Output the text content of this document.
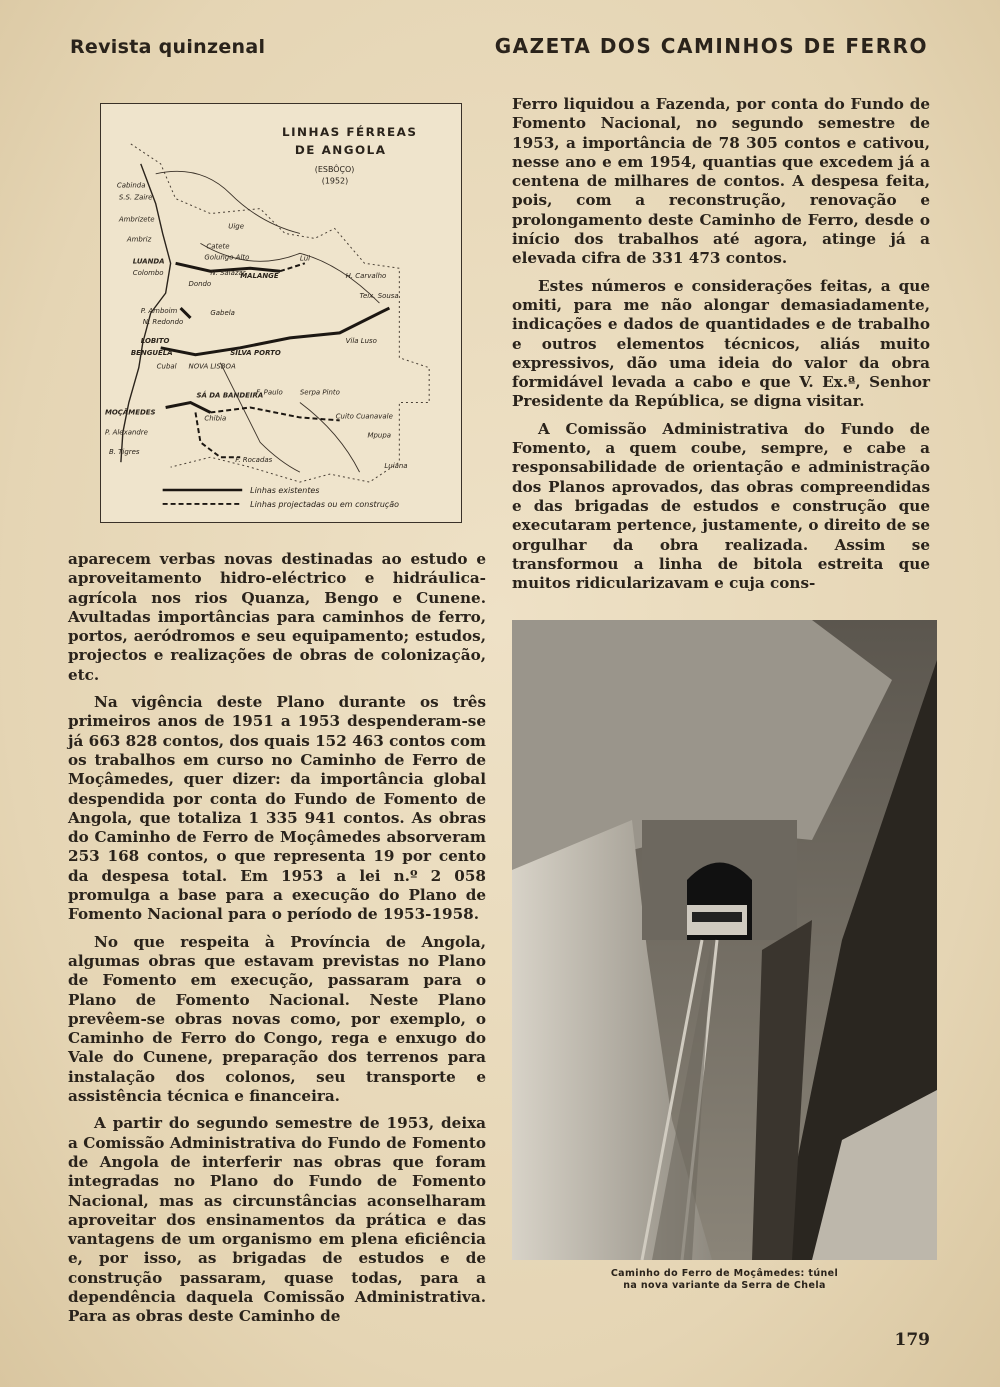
Revista quinzenal	GAZETA DOS CAMINHOS DE FERRO
LINHAS FÉRREAS
DE ANGOLA
(ESBÔÇO)
(1952)
Cabinda
S.S. Zaire
Ambrizete
Ambriz
Uige
Catete
Golungo Alto
LUANDA
Colombo	MALANGE
N. Salazar
Dondo
Lui
H. Carvalho
Teix. Sousa
P. Amboim
N. Redondo
Gabela
LOBITO
BENGUELA
Cubal
SILVA PORTO
NOVA LISBOA
Vila Luso
SÁ DA BANDEIRA
MOÇÂMEDES
P. Alexandre
B. Tigres
Chibia
F. Paulo Serpa Pinto
Cuito Cuanavale
Mpupa
Luiana
F. Rocadas
Linhas existentes
Linhas projectadas ou em construção

aparecem verbas novas destinadas ao estudo e aproveitamento hidro-eléctrico e hidráulica-agrícola nos rios Quanza, Bengo e Cunene. Avultadas importâncias para caminhos de ferro, portos, aeródromos e seu equipamento; estudos, projectos e realizações de obras de colonização, etc.

Na vigência deste Plano durante os três primeiros anos de 1951 a 1953 despenderam-se já 663 828 contos, dos quais 152 463 contos com os trabalhos em curso no Caminho de Ferro de Moçâmedes, quer dizer: da importância global despendida por conta do Fundo de Fomento de Angola, que totaliza 1 335 941 contos. As obras do Caminho de Ferro de Moçâmedes absorveram 253 168 contos, o que representa 19 por cento da despesa total. Em 1953 a lei n.º 2 058 promulga a base para a execução do Plano de Fomento Nacional para o período de 1953-1958.

No que respeita à Província de Angola, algumas obras que estavam previstas no Plano de Fomento em execução, passaram para o Plano de Fomento Nacional. Neste Plano prevêem-se obras novas como, por exemplo, o Caminho de Ferro do Congo, rega e enxugo do Vale do Cunene, preparação dos terrenos para instalação dos colonos, seu transporte e assistência técnica e financeira.

A partir do segundo semestre de 1953, deixa a Comissão Administrativa do Fundo de Fomento de Angola de interferir nas obras que foram integradas no Plano do Fundo de Fomento Nacional, mas as circunstâncias aconselharam aproveitar dos ensinamentos da prática e das vantagens de um organismo em plena eficiência e, por isso, as brigadas de estudos e de construção passaram, quase todas, para a dependência daquela Comissão Administrativa. Para as obras deste Caminho de

Ferro liquidou a Fazenda, por conta do Fundo de Fomento Nacional, no segundo semestre de 1953, a importância de 78 305 contos e cativou, nesse ano e em 1954, quantias que excedem já a centena de milhares de contos. A despesa feita, pois, com a reconstrução, renovação e prolongamento deste Caminho de Ferro, desde o início dos trabalhos até agora, atinge já a elevada cifra de 331 473 contos.

Estes números e considerações feitas, a que omiti, para me não alongar demasiadamente, indicações e dados de quantidades e de trabalho e outros elementos técnicos, aliás muito expressivos, dão uma ideia do valor da obra formidável levada a cabo e que V. Ex.ª, Senhor Presidente da República, se digna visitar.

A Comissão Administrativa do Fundo de Fomento, a quem coube, sempre, e cabe a responsabilidade de orientação e administração dos Planos aprovados, das obras compreendidas e das brigadas de estudos e construção que executaram pertence, justamente, o direito de se orgulhar da obra realizada. Assim se transformou a linha de bitola estreita que muitos ridicularizavam e cuja cons-

Caminho do Ferro de Moçâmedes: túnel
na nova variante da Serra de Chela
179
